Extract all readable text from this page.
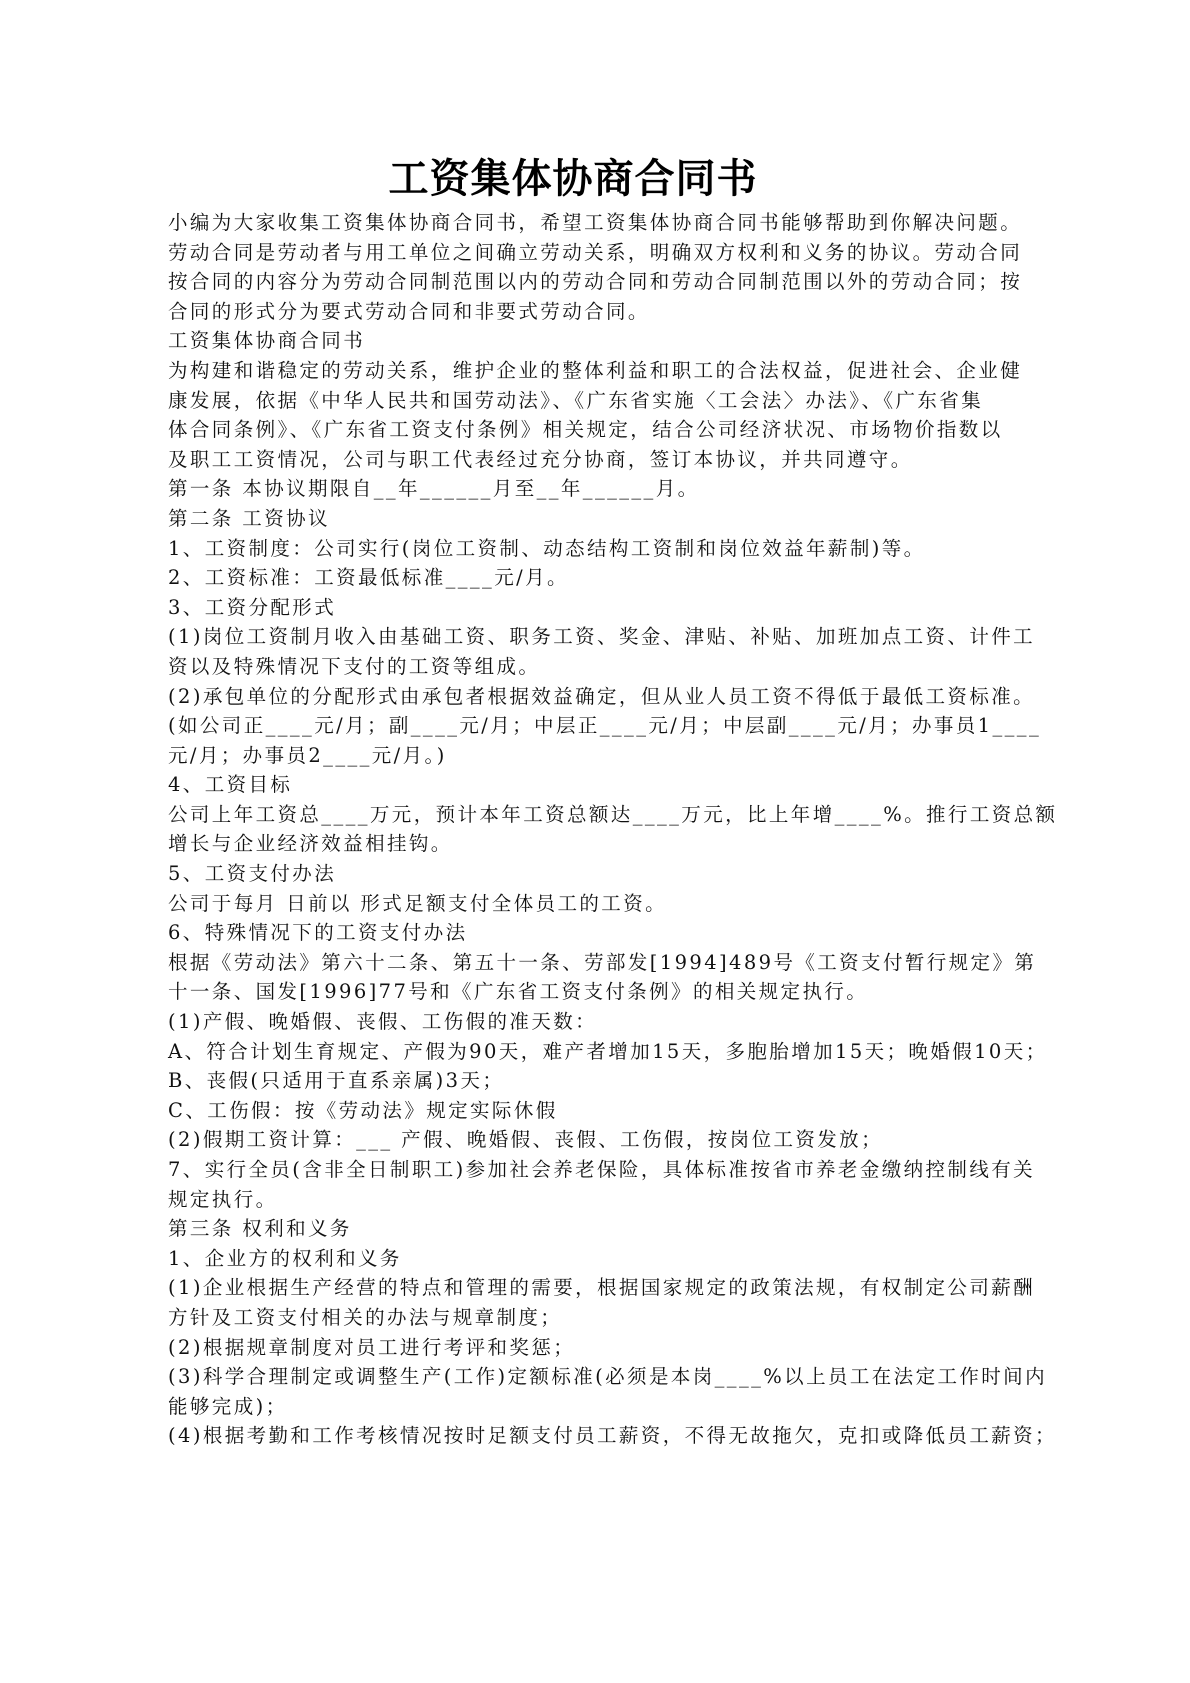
工资集体协商合同书
小编为大家收集工资集体协商合同书，希望工资集体协商合同书能够帮助到你解决问题。
劳动合同是劳动者与用工单位之间确立劳动关系，明确双方权利和义务的协议。劳动合同
按合同的内容分为劳动合同制范围以内的劳动合同和劳动合同制范围以外的劳动合同；按
合同的形式分为要式劳动合同和非要式劳动合同。
工资集体协商合同书
为构建和谐稳定的劳动关系，维护企业的整体利益和职工的合法权益，促进社会、企业健
康发展，依据《中华人民共和国劳动法》、《广东省实施〈工会法〉办法》、《广东省集
体合同条例》、《广东省工资支付条例》相关规定，结合公司经济状况、市场物价指数以
及职工工资情况，公司与职工代表经过充分协商，签订本协议，并共同遵守。
第一条 本协议期限自__年______月至__年______月。
第二条 工资协议
1、工资制度：公司实行(岗位工资制、动态结构工资制和岗位效益年薪制)等。
2、工资标准：工资最低标准____元/月。
3、工资分配形式
(1)岗位工资制月收入由基础工资、职务工资、奖金、津贴、补贴、加班加点工资、计件工
资以及特殊情况下支付的工资等组成。
(2)承包单位的分配形式由承包者根据效益确定，但从业人员工资不得低于最低工资标准。
(如公司正____元/月；副____元/月；中层正____元/月；中层副____元/月；办事员1____
元/月；办事员2____元/月。)
4、工资目标
公司上年工资总____万元，预计本年工资总额达____万元，比上年增____%。推行工资总额
增长与企业经济效益相挂钩。
5、工资支付办法
公司于每月 日前以 形式足额支付全体员工的工资。
6、特殊情况下的工资支付办法
根据《劳动法》第六十二条、第五十一条、劳部发[1994]489号《工资支付暂行规定》第
十一条、国发[1996]77号和《广东省工资支付条例》的相关规定执行。
(1)产假、晚婚假、丧假、工伤假的准天数：
A、符合计划生育规定、产假为90天，难产者增加15天，多胞胎增加15天；晚婚假10天；
B、丧假(只适用于直系亲属)3天；
C、工伤假：按《劳动法》规定实际休假
(2)假期工资计算：___ 产假、晚婚假、丧假、工伤假，按岗位工资发放；
7、实行全员(含非全日制职工)参加社会养老保险，具体标准按省市养老金缴纳控制线有关
规定执行。
第三条 权利和义务
1、企业方的权利和义务
(1)企业根据生产经营的特点和管理的需要，根据国家规定的政策法规，有权制定公司薪酬
方针及工资支付相关的办法与规章制度；
(2)根据规章制度对员工进行考评和奖惩；
(3)科学合理制定或调整生产(工作)定额标准(必须是本岗____%以上员工在法定工作时间内
能够完成)；
(4)根据考勤和工作考核情况按时足额支付员工薪资，不得无故拖欠，克扣或降低员工薪资；
